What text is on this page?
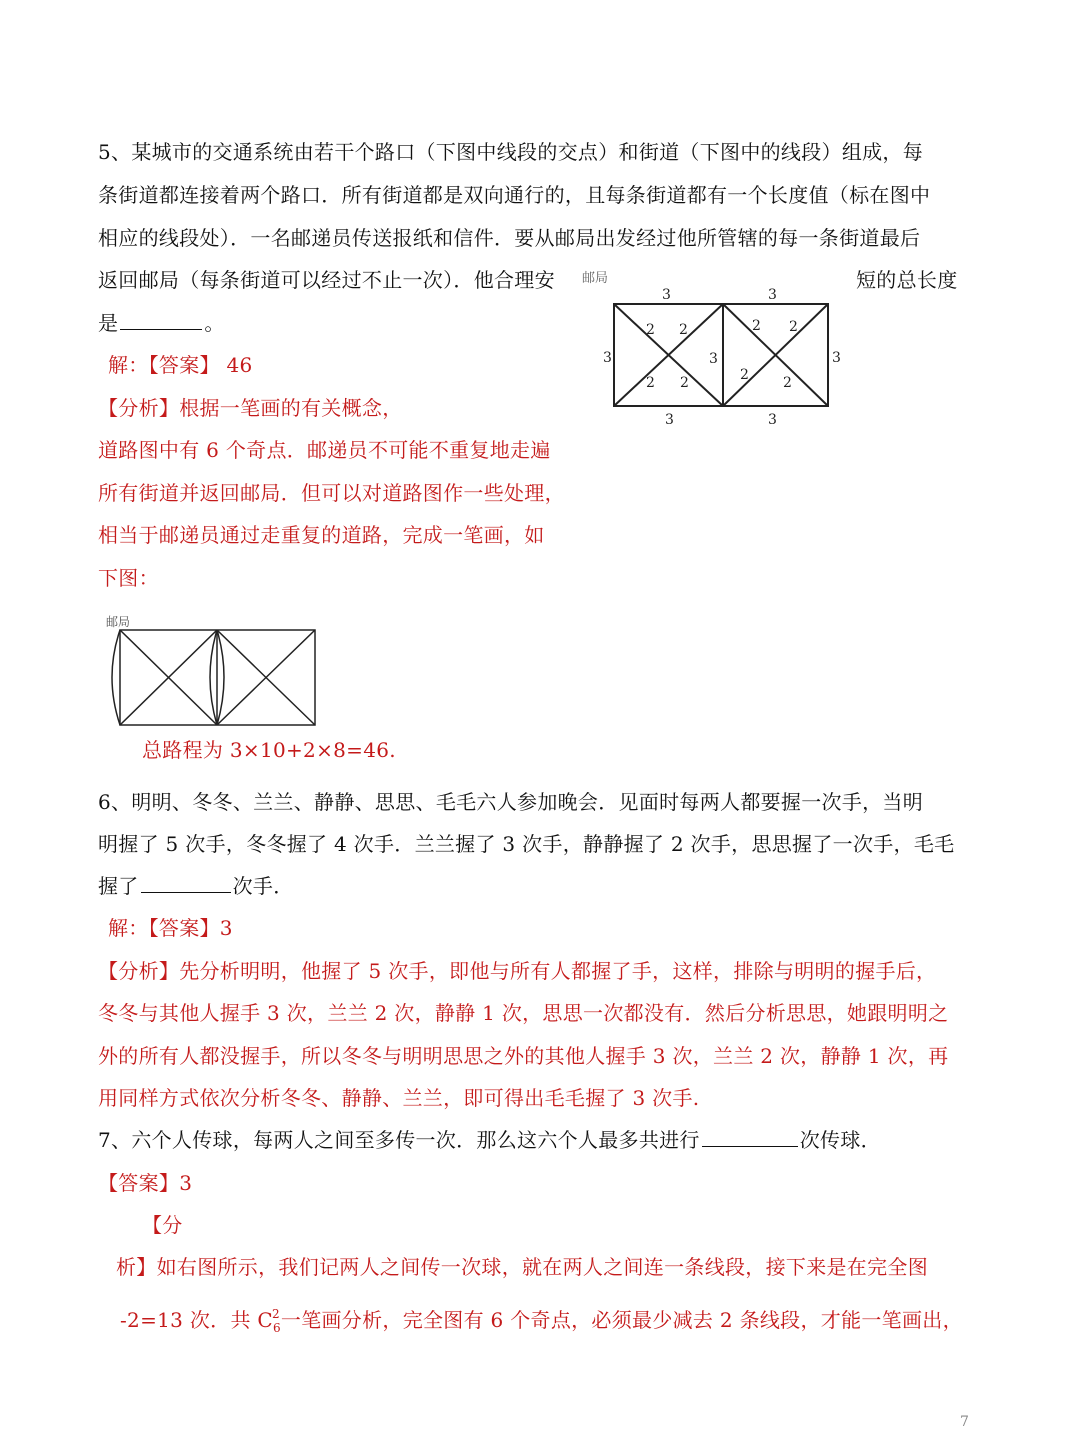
5、某城市的交通系统由若干个路口（下图中线段的交点）和街道（下图中的线段）组成，每
条街道都连接着两个路口．所有街道都是双向通行的，且每条街道都有一个长度值（标在图中
相应的线段处）．一名邮递员传送报纸和信件．要从邮局出发经过他所管辖的每一条街道最后
返回邮局（每条街道可以经过不止一次）．他合理安	短的总长度
是	。
解：【答案】 46
【分析】根据一笔画的有关概念，
道路图中有 6 个奇点．邮递员不可能不重复地走遍
所有街道并返回邮局．但可以对道路图作一些处理，
相当于邮递员通过走重复的道路，完成一笔画，如
下图：
邮局
3	3
3	3
3	3	3
2 2
2 2
2 2
2 2
邮局
总路程为 3×10+2×8=46.
6、明明、冬冬、兰兰、静静、思思、毛毛六人参加晚会．见面时每两人都要握一次手，当明
明握了 5 次手，冬冬握了 4 次手．兰兰握了 3 次手，静静握了 2 次手，思思握了一次手，毛毛
握了	次手．
解：【答案】3
【分析】先分析明明，他握了 5 次手，即他与所有人都握了手，这样，排除与明明的握手后，
冬冬与其他人握手 3 次，兰兰 2 次，静静 1 次，思思一次都没有．然后分析思思，她跟明明之
外的所有人都没握手，所以冬冬与明明思思之外的其他人握手 3 次，兰兰 2 次，静静 1 次，再
用同样方式依次分析冬冬、静静、兰兰，即可得出毛毛握了 3 次手.
7、六个人传球，每两人之间至多传一次．那么这六个人最多共进行	次传球．
【答案】3
【分
析】如右图所示，我们记两人之间传一次球，就在两人之间连一条线段，接下来是在完全图
-2=13 次．共 $C^2_6$一笔画分析，完全图有 6 个奇点，必须最少减去 2 条线段，才能一笔画出，
7
